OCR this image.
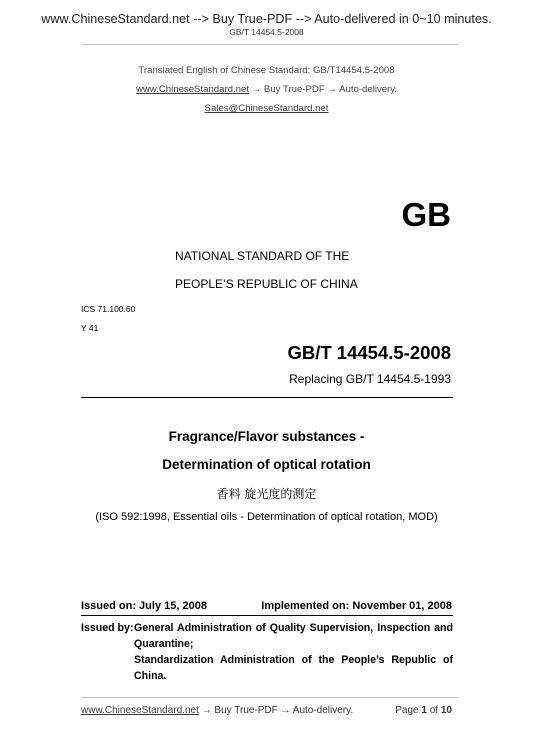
www.ChineseStandard.net --> Buy True-PDF --> Auto-delivered in 0~10 minutes.
GB/T 14454.5-2008
Translated English of Chinese Standard: GB/T14454.5-2008
www.ChineseStandard.net → Buy True-PDF → Auto-delivery.
Sales@ChineseStandard.net
GB
NATIONAL STANDARD OF THE
PEOPLE’S REPUBLIC OF CHINA
ICS 71.100.60
Y 41
GB/T 14454.5-2008
Replacing GB/T 14454.5-1993
Fragrance/Flavor substances -
Determination of optical rotation
香料 旋光度的测定
(ISO 592:1998, Essential oils - Determination of optical rotation, MOD)
Issued on: July 15, 2008	Implemented on: November 01, 2008
Issued by: General Administration of Quality Supervision, Inspection and Quarantine;
Standardization Administration of the People’s Republic of China.
www.ChineseStandard.net → Buy True-PDF → Auto-delivery.	Page 1 of 10
